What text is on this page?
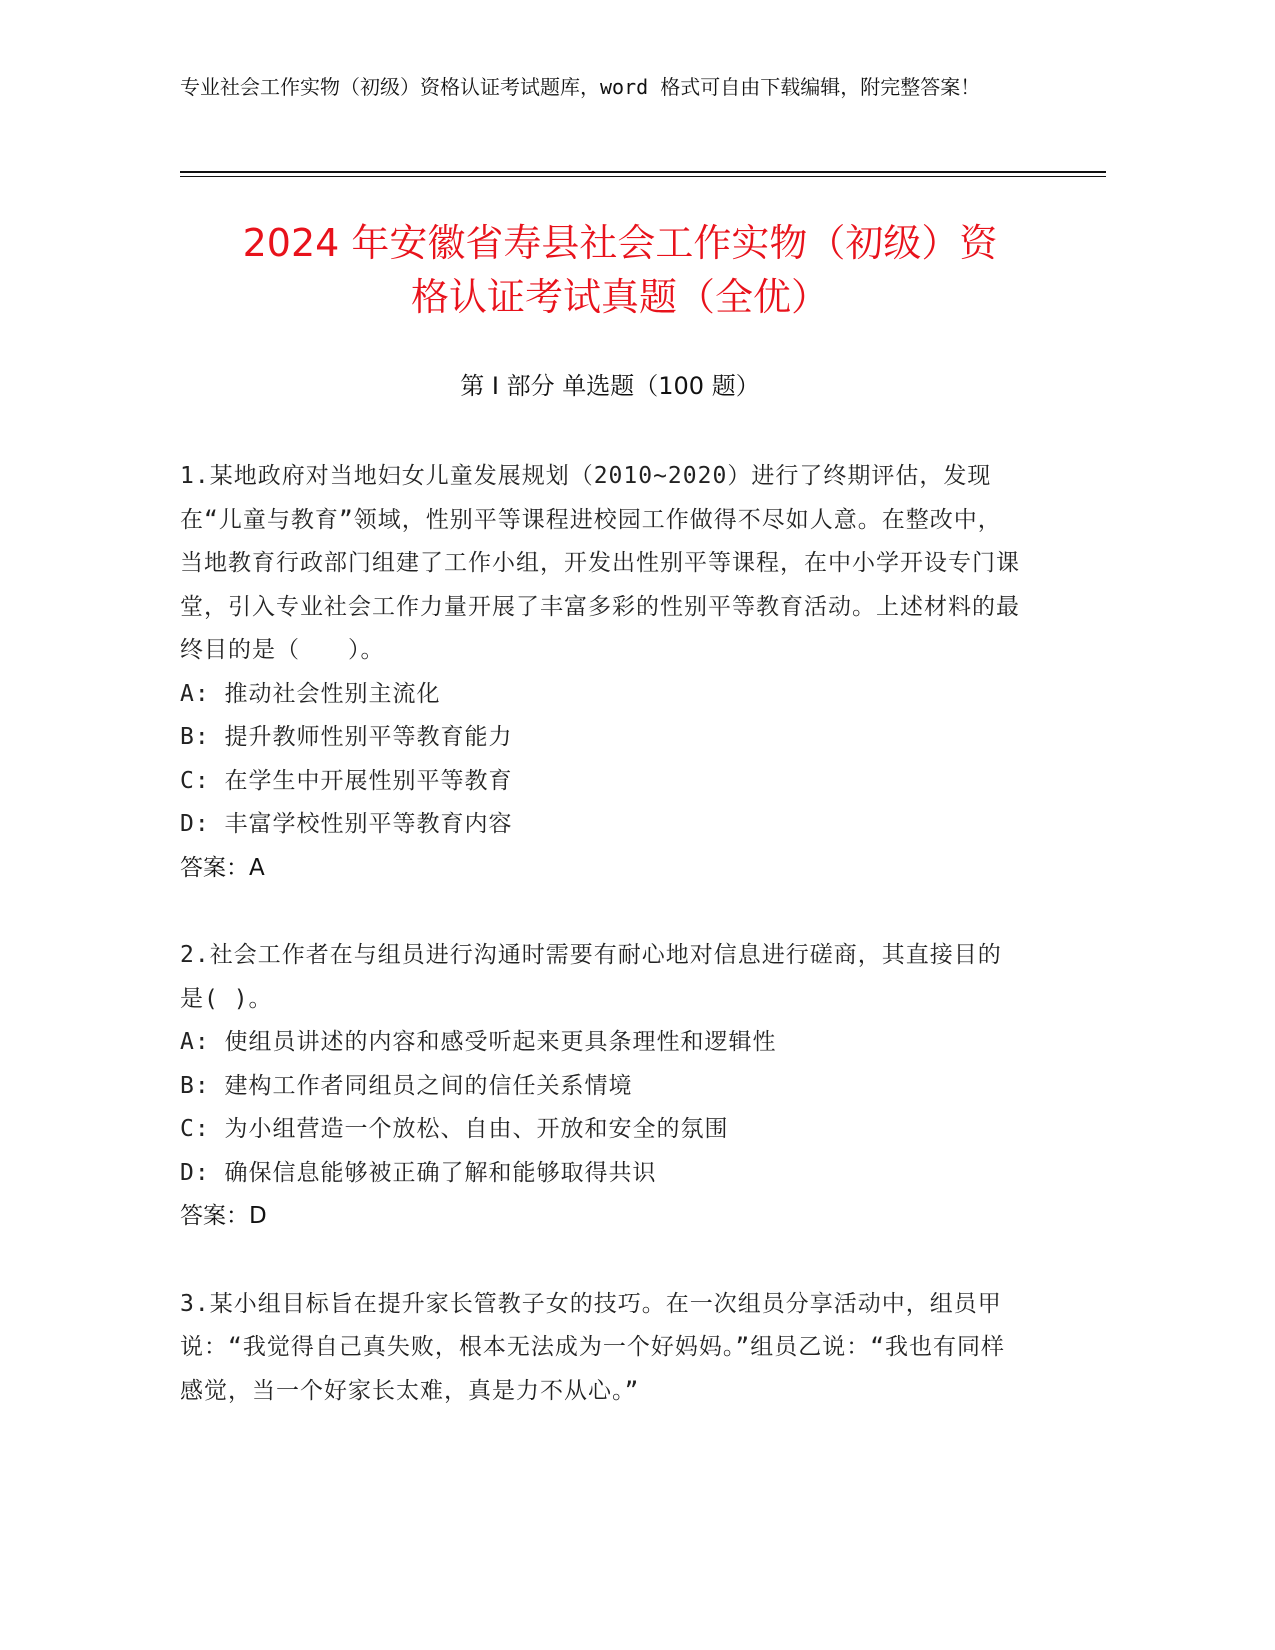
专业社会工作实物（初级）资格认证考试题库，word 格式可自由下载编辑，附完整答案！
2024 年安徽省寿县社会工作实物（初级）资
格认证考试真题（全优）
第 I 部分 单选题（100 题）
1.某地政府对当地妇女儿童发展规划（2010~2020）进行了终期评估，发现在“儿童与教育”领域，性别平等课程进校园工作做得不尽如人意。在整改中，当地教育行政部门组建了工作小组，开发出性别平等课程，在中小学开设专门课堂，引入专业社会工作力量开展了丰富多彩的性别平等教育活动。上述材料的最终目的是（　　）。
A: 推动社会性别主流化
B: 提升教师性别平等教育能力
C: 在学生中开展性别平等教育
D: 丰富学校性别平等教育内容
答案：A
2.社会工作者在与组员进行沟通时需要有耐心地对信息进行磋商，其直接目的是( )。
A: 使组员讲述的内容和感受听起来更具条理性和逻辑性
B: 建构工作者同组员之间的信任关系情境
C: 为小组营造一个放松、自由、开放和安全的氛围
D: 确保信息能够被正确了解和能够取得共识
答案：D
3.某小组目标旨在提升家长管教子女的技巧。在一次组员分享活动中，组员甲说：“我觉得自己真失败，根本无法成为一个好妈妈。”组员乙说：“我也有同样感觉，当一个好家长太难，真是力不从心。”
